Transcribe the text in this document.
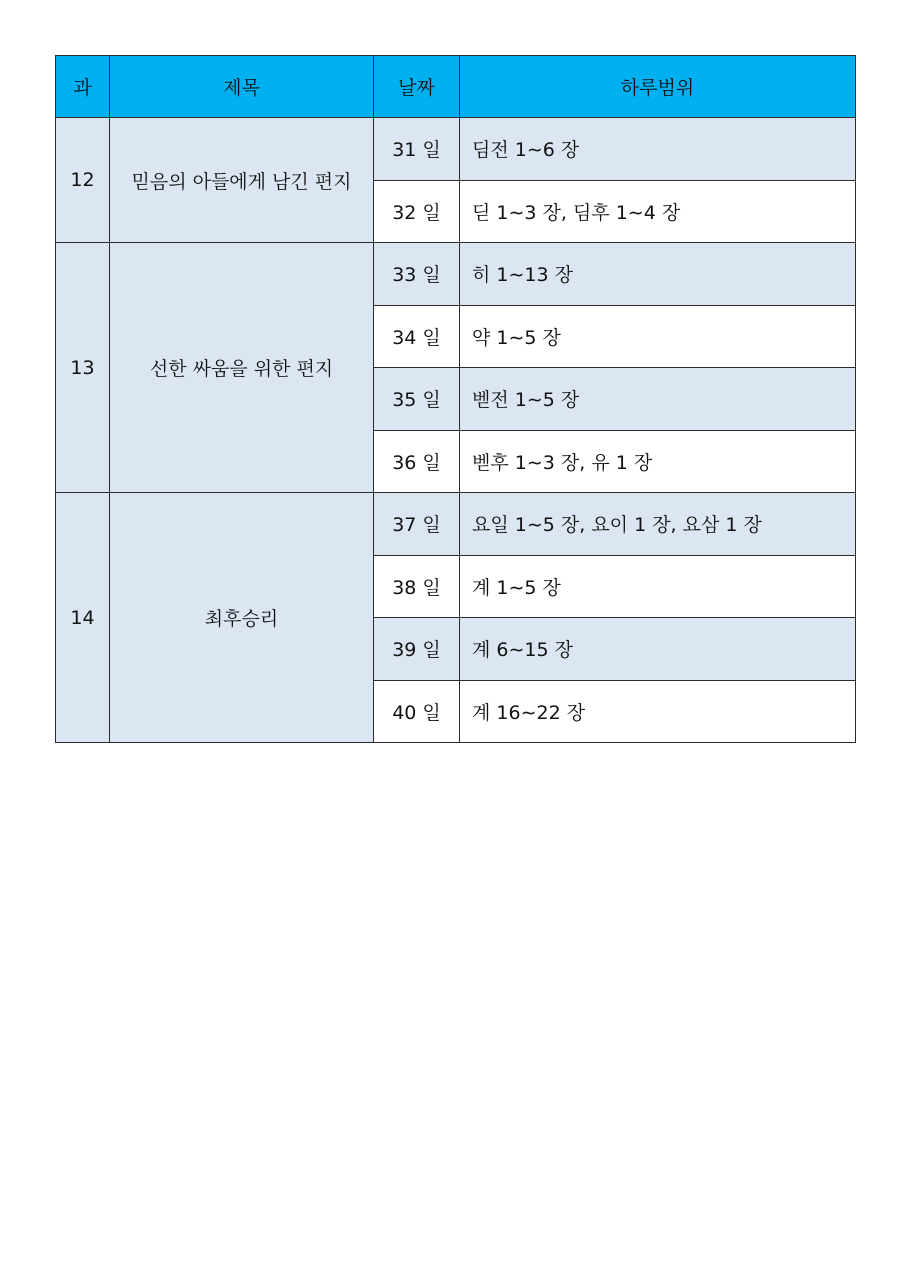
과	제목	날짜	하루범위
12	믿음의 아들에게 남긴 편지	31 일	딤전 1∼6 장
		32 일	딛 1∼3 장, 딤후 1∼4 장
13	선한 싸움을 위한 편지	33 일	히 1∼13 장
		34 일	약 1∼5 장
		35 일	벧전 1∼5 장
		36 일	벧후 1∼3 장, 유 1 장
14	최후승리	37 일	요일 1∼5 장, 요이 1 장, 요삼 1 장
		38 일	계 1∼5 장
		39 일	계 6∼15 장
		40 일	계 16∼22 장
